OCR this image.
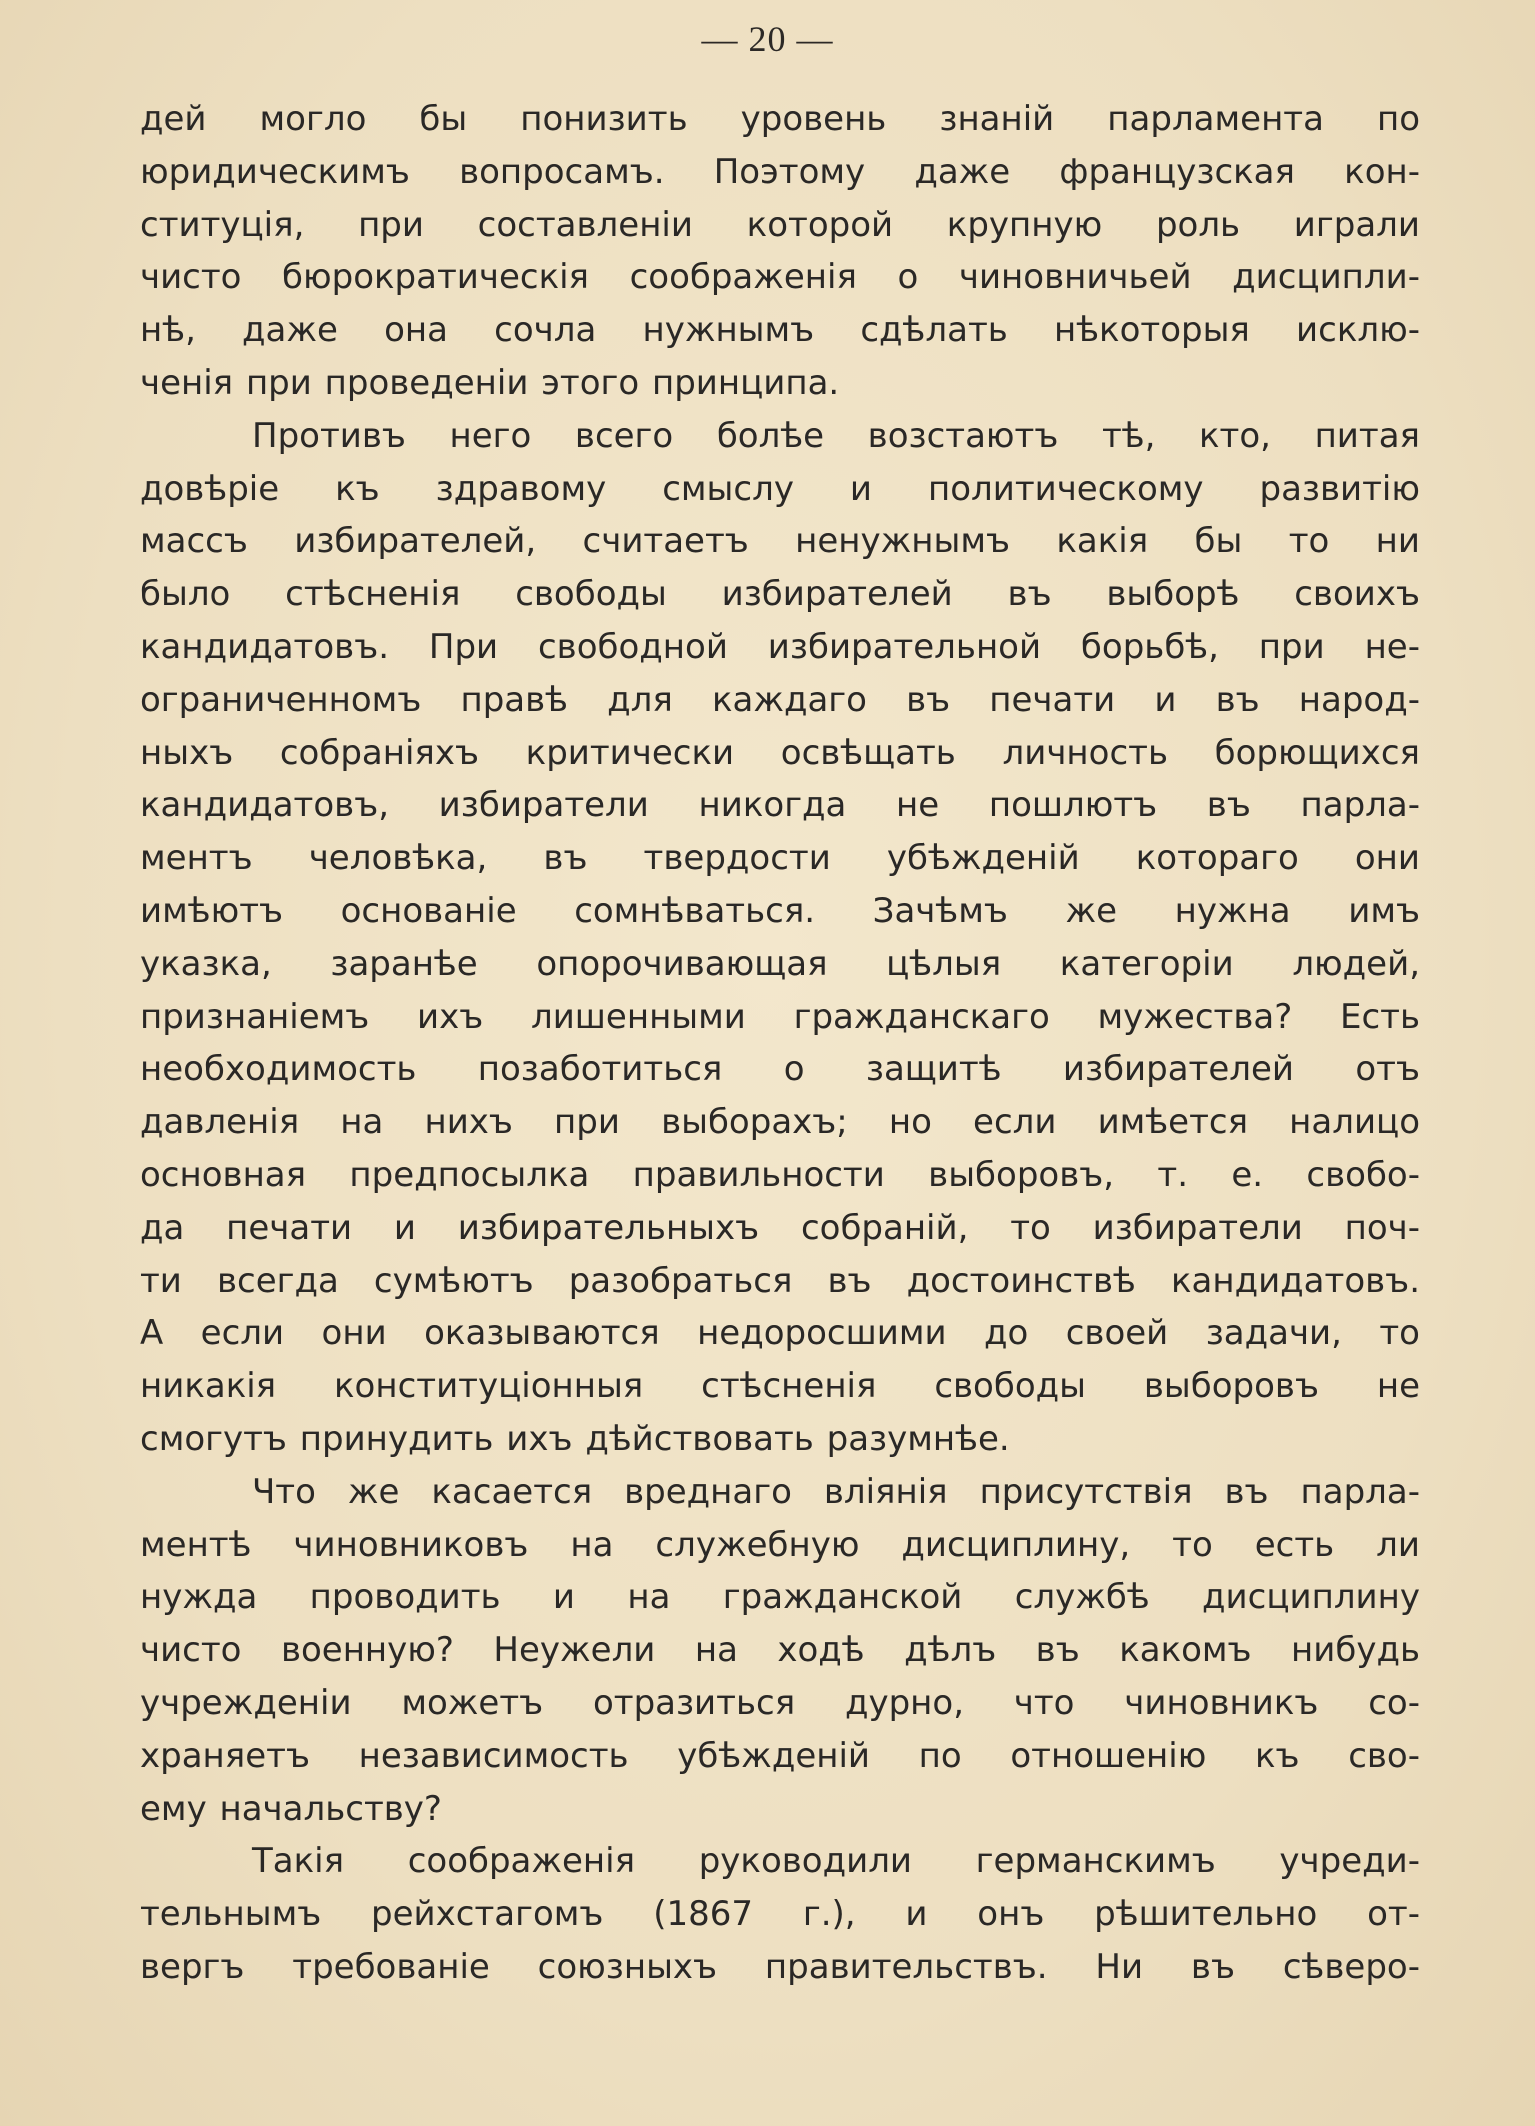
— 20 —
дей могло бы понизить уровень знаній парламента по
юридическимъ вопросамъ. Поэтому даже французская кон-
ституція, при составленіи которой крупную роль играли
чисто бюрократическія соображенія о чиновничьей дисципли-
нѣ, даже она сочла нужнымъ сдѣлать нѣкоторыя исклю-
ченія при проведеніи этого принципа.
Противъ него всего болѣе возстаютъ тѣ, кто, питая
довѣріе къ здравому смыслу и политическому развитію
массъ избирателей, считаетъ ненужнымъ какія бы то ни
было стѣсненія свободы избирателей въ выборѣ своихъ
кандидатовъ. При свободной избирательной борьбѣ, при не-
ограниченномъ правѣ для каждаго въ печати и въ народ-
ныхъ собраніяхъ критически освѣщать личность борющихся
кандидатовъ, избиратели никогда не пошлютъ въ парла-
ментъ человѣка, въ твердости убѣжденій котораго они
имѣютъ основаніе сомнѣваться. Зачѣмъ же нужна имъ
указка, заранѣе опорочивающая цѣлыя категоріи людей,
признаніемъ ихъ лишенными гражданскаго мужества? Есть
необходимость позаботиться о защитѣ избирателей отъ
давленія на нихъ при выборахъ; но если имѣется налицо
основная предпосылка правильности выборовъ, т. е. свобо-
да печати и избирательныхъ собраній, то избиратели поч-
ти всегда сумѣютъ разобраться въ достоинствѣ кандидатовъ.
А если они оказываются недоросшими до своей задачи, то
никакія конституціонныя стѣсненія свободы выборовъ не
смогутъ принудить ихъ дѣйствовать разумнѣе.
Что же касается вреднаго вліянія присутствія въ парла-
ментѣ чиновниковъ на служебную дисциплину, то есть ли
нужда проводить и на гражданской службѣ дисциплину
чисто военную? Неужели на ходѣ дѣлъ въ какомъ нибудь
учрежденіи можетъ отразиться дурно, что чиновникъ со-
храняетъ независимость убѣжденій по отношенію къ сво-
ему начальству?
Такія соображенія руководили германскимъ учреди-
тельнымъ рейхстагомъ (1867 г.), и онъ рѣшительно от-
вергъ требованіе союзныхъ правительствъ. Ни въ сѣверо-
